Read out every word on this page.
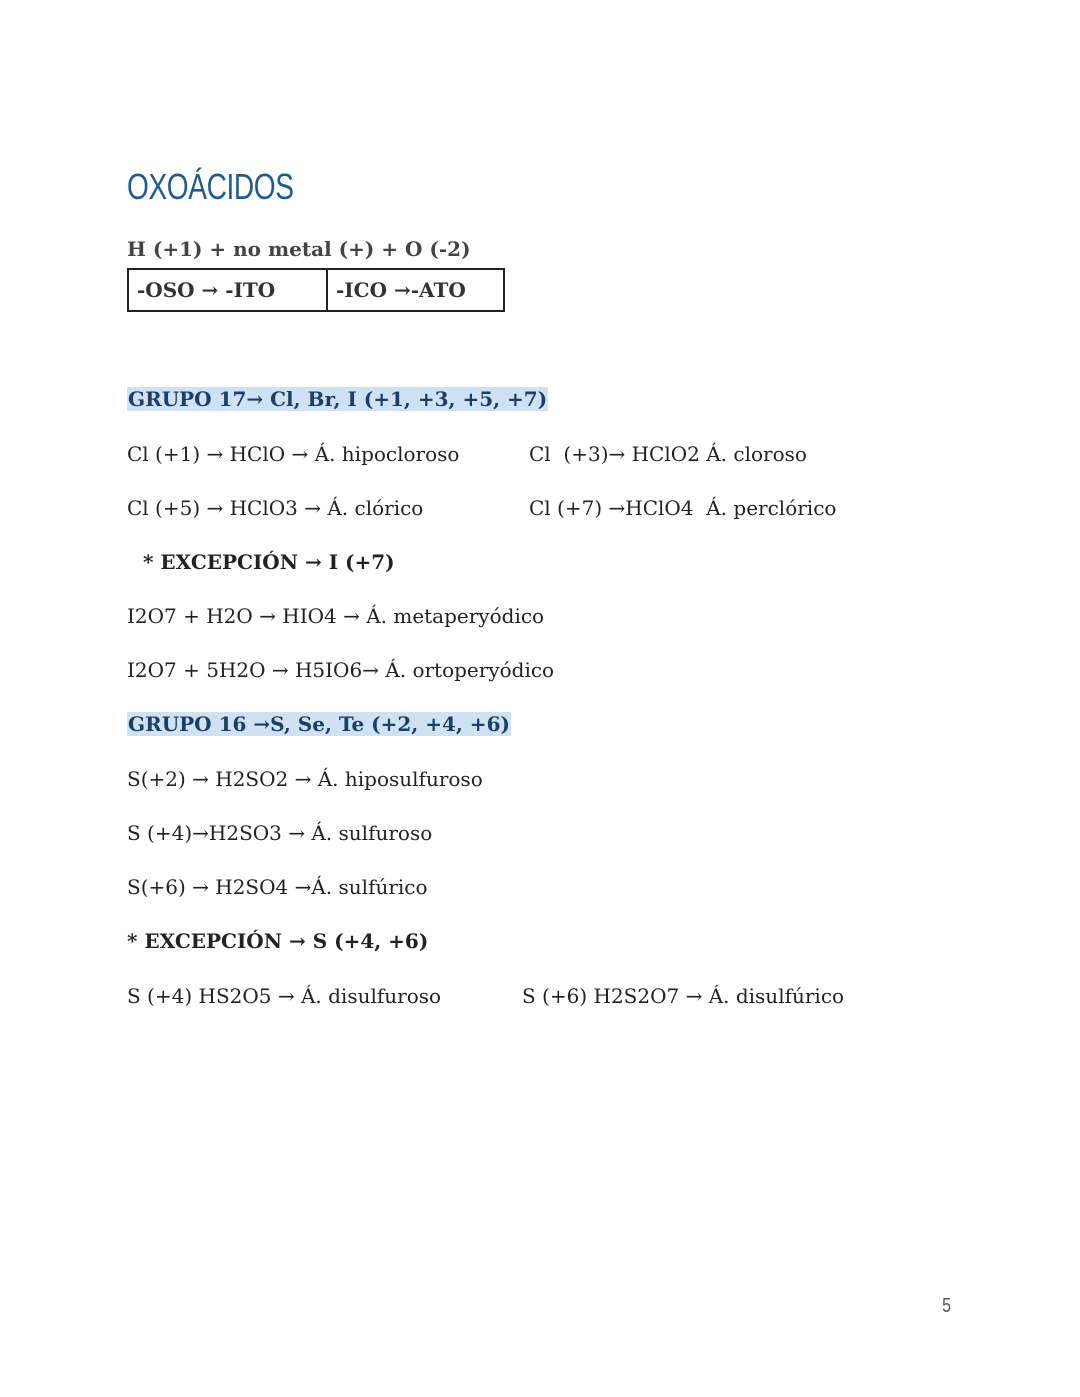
OXOÁCIDOS
H (+1) + no metal (+) + O (-2)
-OSO → -ITO	-ICO →-ATO
GRUPO 17→ Cl, Br, I (+1, +3, +5, +7)
Cl (+1) → HClO → Á. hipocloroso	Cl  (+3)→ HClO2 Á. cloroso
Cl (+5) → HClO3 → Á. clórico	Cl (+7) →HClO4  Á. perclórico
* EXCEPCIÓN → I (+7)
I2O7 + H2O → HIO4 → Á. metaperyódico
I2O7 + 5H2O → H5IO6→ Á. ortoperyódico
GRUPO 16 →S, Se, Te (+2, +4, +6)
S(+2) → H2SO2 → Á. hiposulfuroso
S (+4)→H2SO3 → Á. sulfuroso
S(+6) → H2SO4 →Á. sulfúrico
* EXCEPCIÓN → S (+4, +6)
S (+4) HS2O5 → Á. disulfuroso	S (+6) H2S2O7 → Á. disulfúrico
5
